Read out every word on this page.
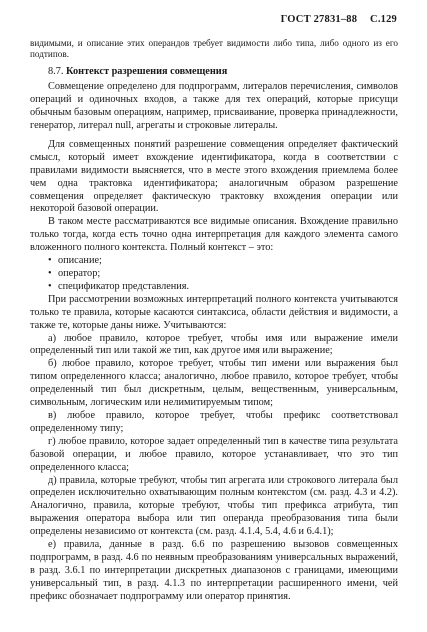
ГОСТ 27831–88 С.129

видимыми, и описание этих операндов требует видимости либо типа, либо одного из его подтипов.

8.7. Контекст разрешения совмещения

Совмещение определено для подпрограмм, литералов перечисления, символов операций и одиночных входов, а также для тех операций, которые присущи обычным базовым операциям, например, присваивание, проверка принадлежности, генератор, литерал null, агрегаты и строковые литералы.

Для совмещенных понятий разрешение совмещения определяет фактический смысл, который имеет вхождение идентификатора, когда в соответствии с правилами видимости выясняется, что в месте этого вхождения приемлема более чем одна трактовка идентификатора; аналогичным образом разрешение совмещения определяет фактическую трактовку вхождения операции или некоторой базовой операции.

В таком месте рассматриваются все видимые описания. Вхождение правильно только тогда, когда есть точно одна интерпретация для каждого элемента самого вложенного полного контекста. Полный контекст – это:

• описание;
• оператор;
• спецификатор представления.

При рассмотрении возможных интерпретаций полного контекста учитываются только те правила, которые касаются синтаксиса, области действия и видимости, а также те, которые даны ниже. Учитываются:

а) любое правило, которое требует, чтобы имя или выражение имели определенный тип или такой же тип, как другое имя или выражение;

б) любое правило, которое требует, чтобы тип имени или выражения был типом определенного класса; аналогично, любое правило, которое требует, чтобы определенный тип был дискретным, целым, вещественным, универсальным, символьным, логическим или нелимитируемым типом;

в) любое правило, которое требует, чтобы префикс соответствовал определенному типу;

г) любое правило, которое задает определенный тип в качестве типа результата базовой операции, и любое правило, которое устанавливает, что это тип определенного класса;

д) правила, которые требуют, чтобы тип агрегата или строкового литерала был определен исключительно охватывающим полным контекстом (см. разд. 4.3 и 4.2). Аналогично, правила, которые требуют, чтобы тип префикса атрибута, тип выражения оператора выбора или тип операнда преобразования типа были определены независимо от контекста (см. разд. 4.1.4, 5.4, 4.6 и 6.4.1);

е) правила, данные в разд. 6.6 по разрешению вызовов совмещенных подпрограмм, в разд. 4.6 по неявным преобразованиям универсальных выражений, в разд. 3.6.1 по интерпретации дискретных диапазонов с границами, имеющими универсальный тип, в разд. 4.1.3 по интерпретации расширенного имени, чей префикс обозначает подпрограмму или оператор принятия.
